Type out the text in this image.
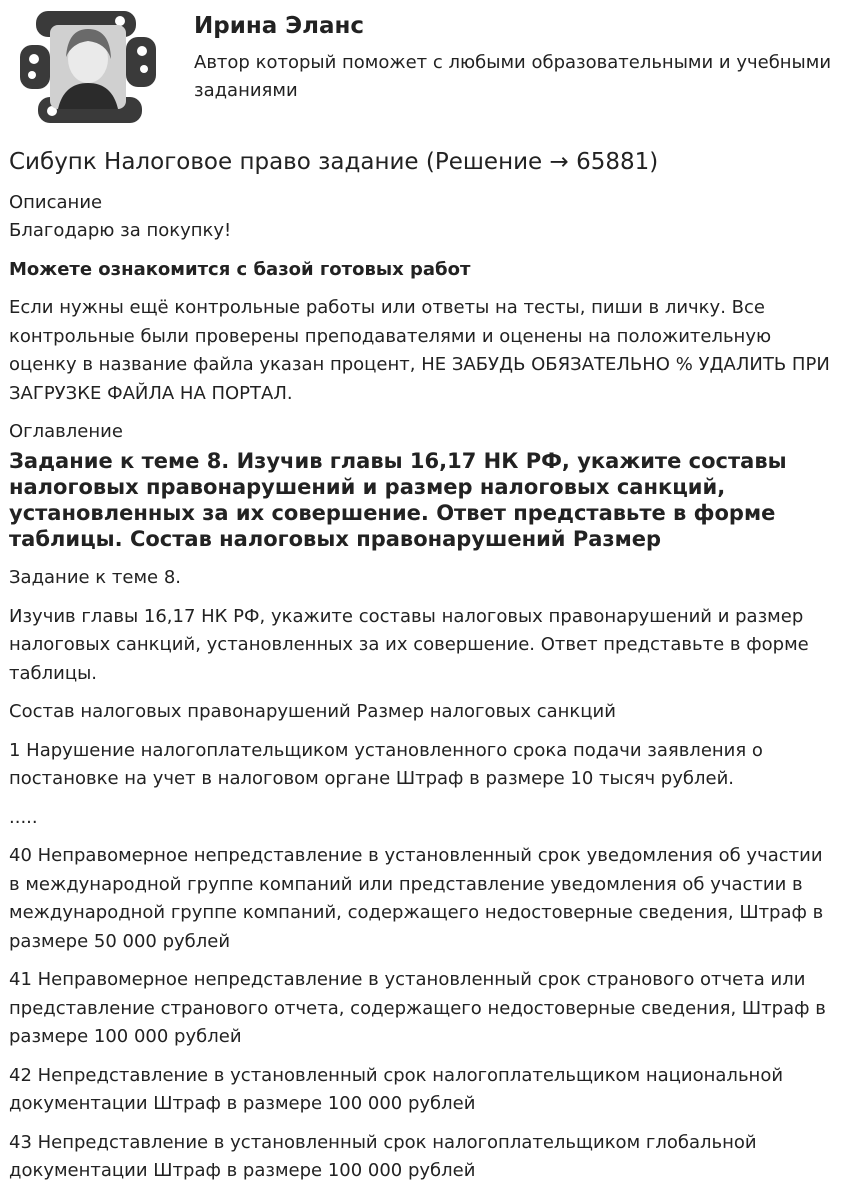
Ирина Эланс

Автор который поможет с любыми образовательными и учебными заданиями

Сибупк Налоговое право задание (Решение → 65881)
Описание

Благодарю за покупку!

Можете ознакомится с базой готовых работ

Если нужны ещё контрольные работы или ответы на тесты, пиши в личку. Все контрольные были проверены преподавателями и оценены на положительную оценку в название файла указан процент, НЕ ЗАБУДЬ ОБЯЗАТЕЛЬНО % УДАЛИТЬ ПРИ ЗАГРУЗКЕ ФАЙЛА НА ПОРТАЛ.

Оглавление
Задание к теме 8. Изучив главы 16,17 НК РФ, укажите составы налоговых правонарушений и размер налоговых санкций, установленных за их совершение. Ответ представьте в форме таблицы. Состав налоговых правонарушений Размер

Задание к теме 8.

Изучив главы 16,17 НК РФ, укажите составы налоговых правонарушений и размер налоговых санкций, установленных за их совершение. Ответ представьте в форме таблицы.

Состав налоговых правонарушений Размер налоговых санкций

1 Нарушение налогоплательщиком установленного срока подачи заявления о постановке на учет в налоговом органе Штраф в размере 10 тысяч рублей.

.....

40 Неправомерное непредставление в установленный срок уведомления об участии в международной группе компаний или представление уведомления об участии в международной группе компаний, содержащего недостоверные сведения, Штраф в размере 50 000 рублей

41 Неправомерное непредставление в установленный срок странового отчета или представление странового отчета, содержащего недостоверные сведения, Штраф в размере 100 000 рублей

42 Непредставление в установленный срок налогоплательщиком национальной документации Штраф в размере 100 000 рублей

43 Непредставление в установленный срок налогоплательщиком глобальной документации Штраф в размере 100 000 рублей
